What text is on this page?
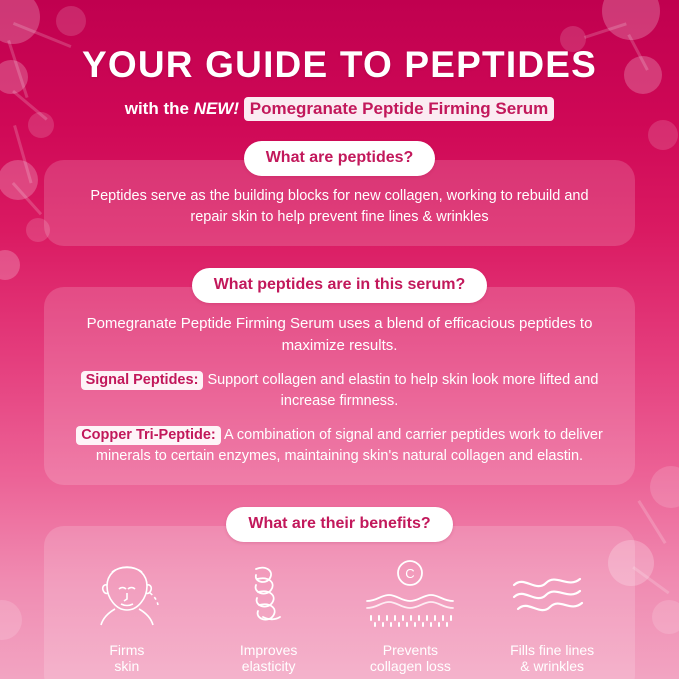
YOUR GUIDE TO PEPTIDES
with the NEW! Pomegranate Peptide Firming Serum
What are peptides?

Peptides serve as the building blocks for new collagen, working to rebuild and repair skin to help prevent fine lines & wrinkles

What peptides are in this serum?

Pomegranate Peptide Firming Serum uses a blend of efficacious peptides to maximize results.

Signal Peptides: Support collagen and elastin to help skin look more lifted and increase firmness.

Copper Tri-Peptide: A combination of signal and carrier peptides work to deliver minerals to certain enzymes, maintaining skin's natural collagen and elastin.

What are their benefits?
Firms
skin
Improves
elasticity
C
Prevents
collagen loss
Fills fine lines
& wrinkles
